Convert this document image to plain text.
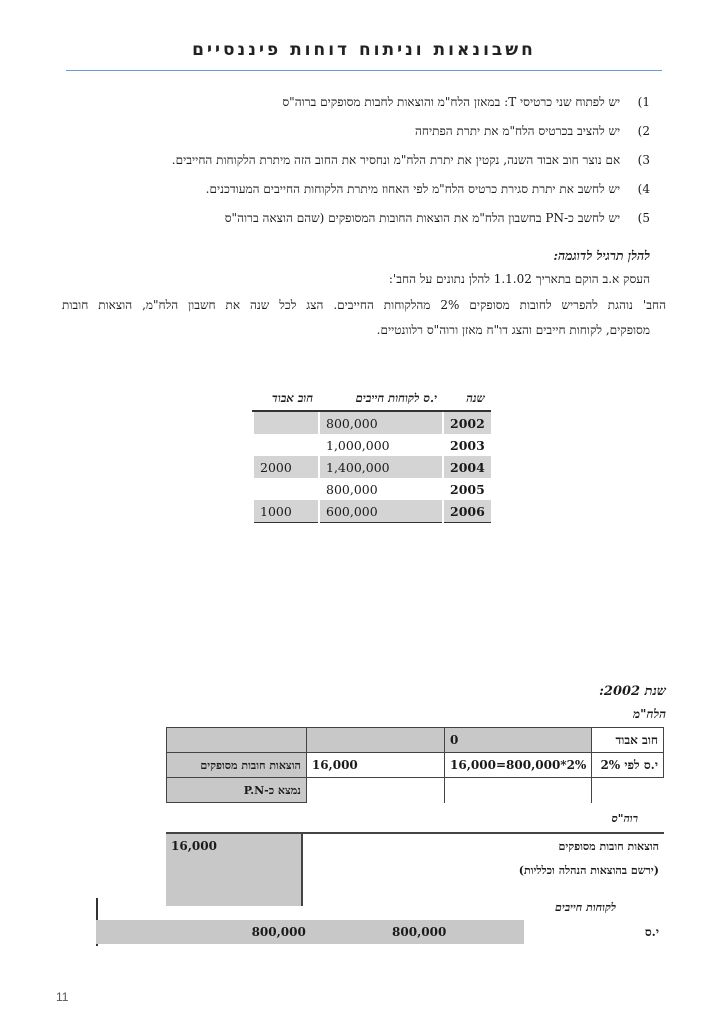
חשבונאות וניתוח דוחות פיננסיים
1) יש לפתוח שני כרטיסי T: במאזן הלח"מ והוצאות לחבות מסופקים ברוה"ס
2) יש להציב בכרטיס הלח"מ את יתרת הפתיחה
3) אם נוצר חוב אבוד השנה, נקטין את יתרת הלח"מ ונחסיר את החוב הזה מיתרת הלקוחות החייבים.
4) יש לחשב את יתרת סגירת כרטיס הלח"מ לפי האחוז מיתרת הלקוחות החייבים המעודכנים.
5) יש לחשב כ-PN בחשבון הלח"מ את הוצאות החובות המסופקים (שהם הוצאה ברוה"ס
להלן תרגיל לדוגמה:
העסק א.ב הוקם בתאריך 1.1.02 להלן נתונים על החב':
החב' נוהגת להפריש לחובות מסופקים 2% מהלקוחות החייבים. הצג לכל שנה את חשבון הלח"מ, הוצאות חובות
מסופקים, לקוחות חייבים והצג דו"ח מאזן ורוה"ס רלוונטיים.
שנה	י.ס לקוחות חייבים	חוב אבוד
2002	800,000	
2003	1,000,000	
2004	1,400,000	2000
2005	800,000	
2006	600,000	1000
שנת 2002:
הלח"מ
חוב אבוד	0		
י.ס לפי 2%	2%*800,000=16,000	16,000	הוצאות חובות מסופקים
			נמצא כ-P.N
רוה"ס
הוצאות חובות מסופקים	16,000
(ירשם בהוצאות הנהלה וכלליות)	

לקוחות חייבים
י.ס	800,000	800,000	
11
